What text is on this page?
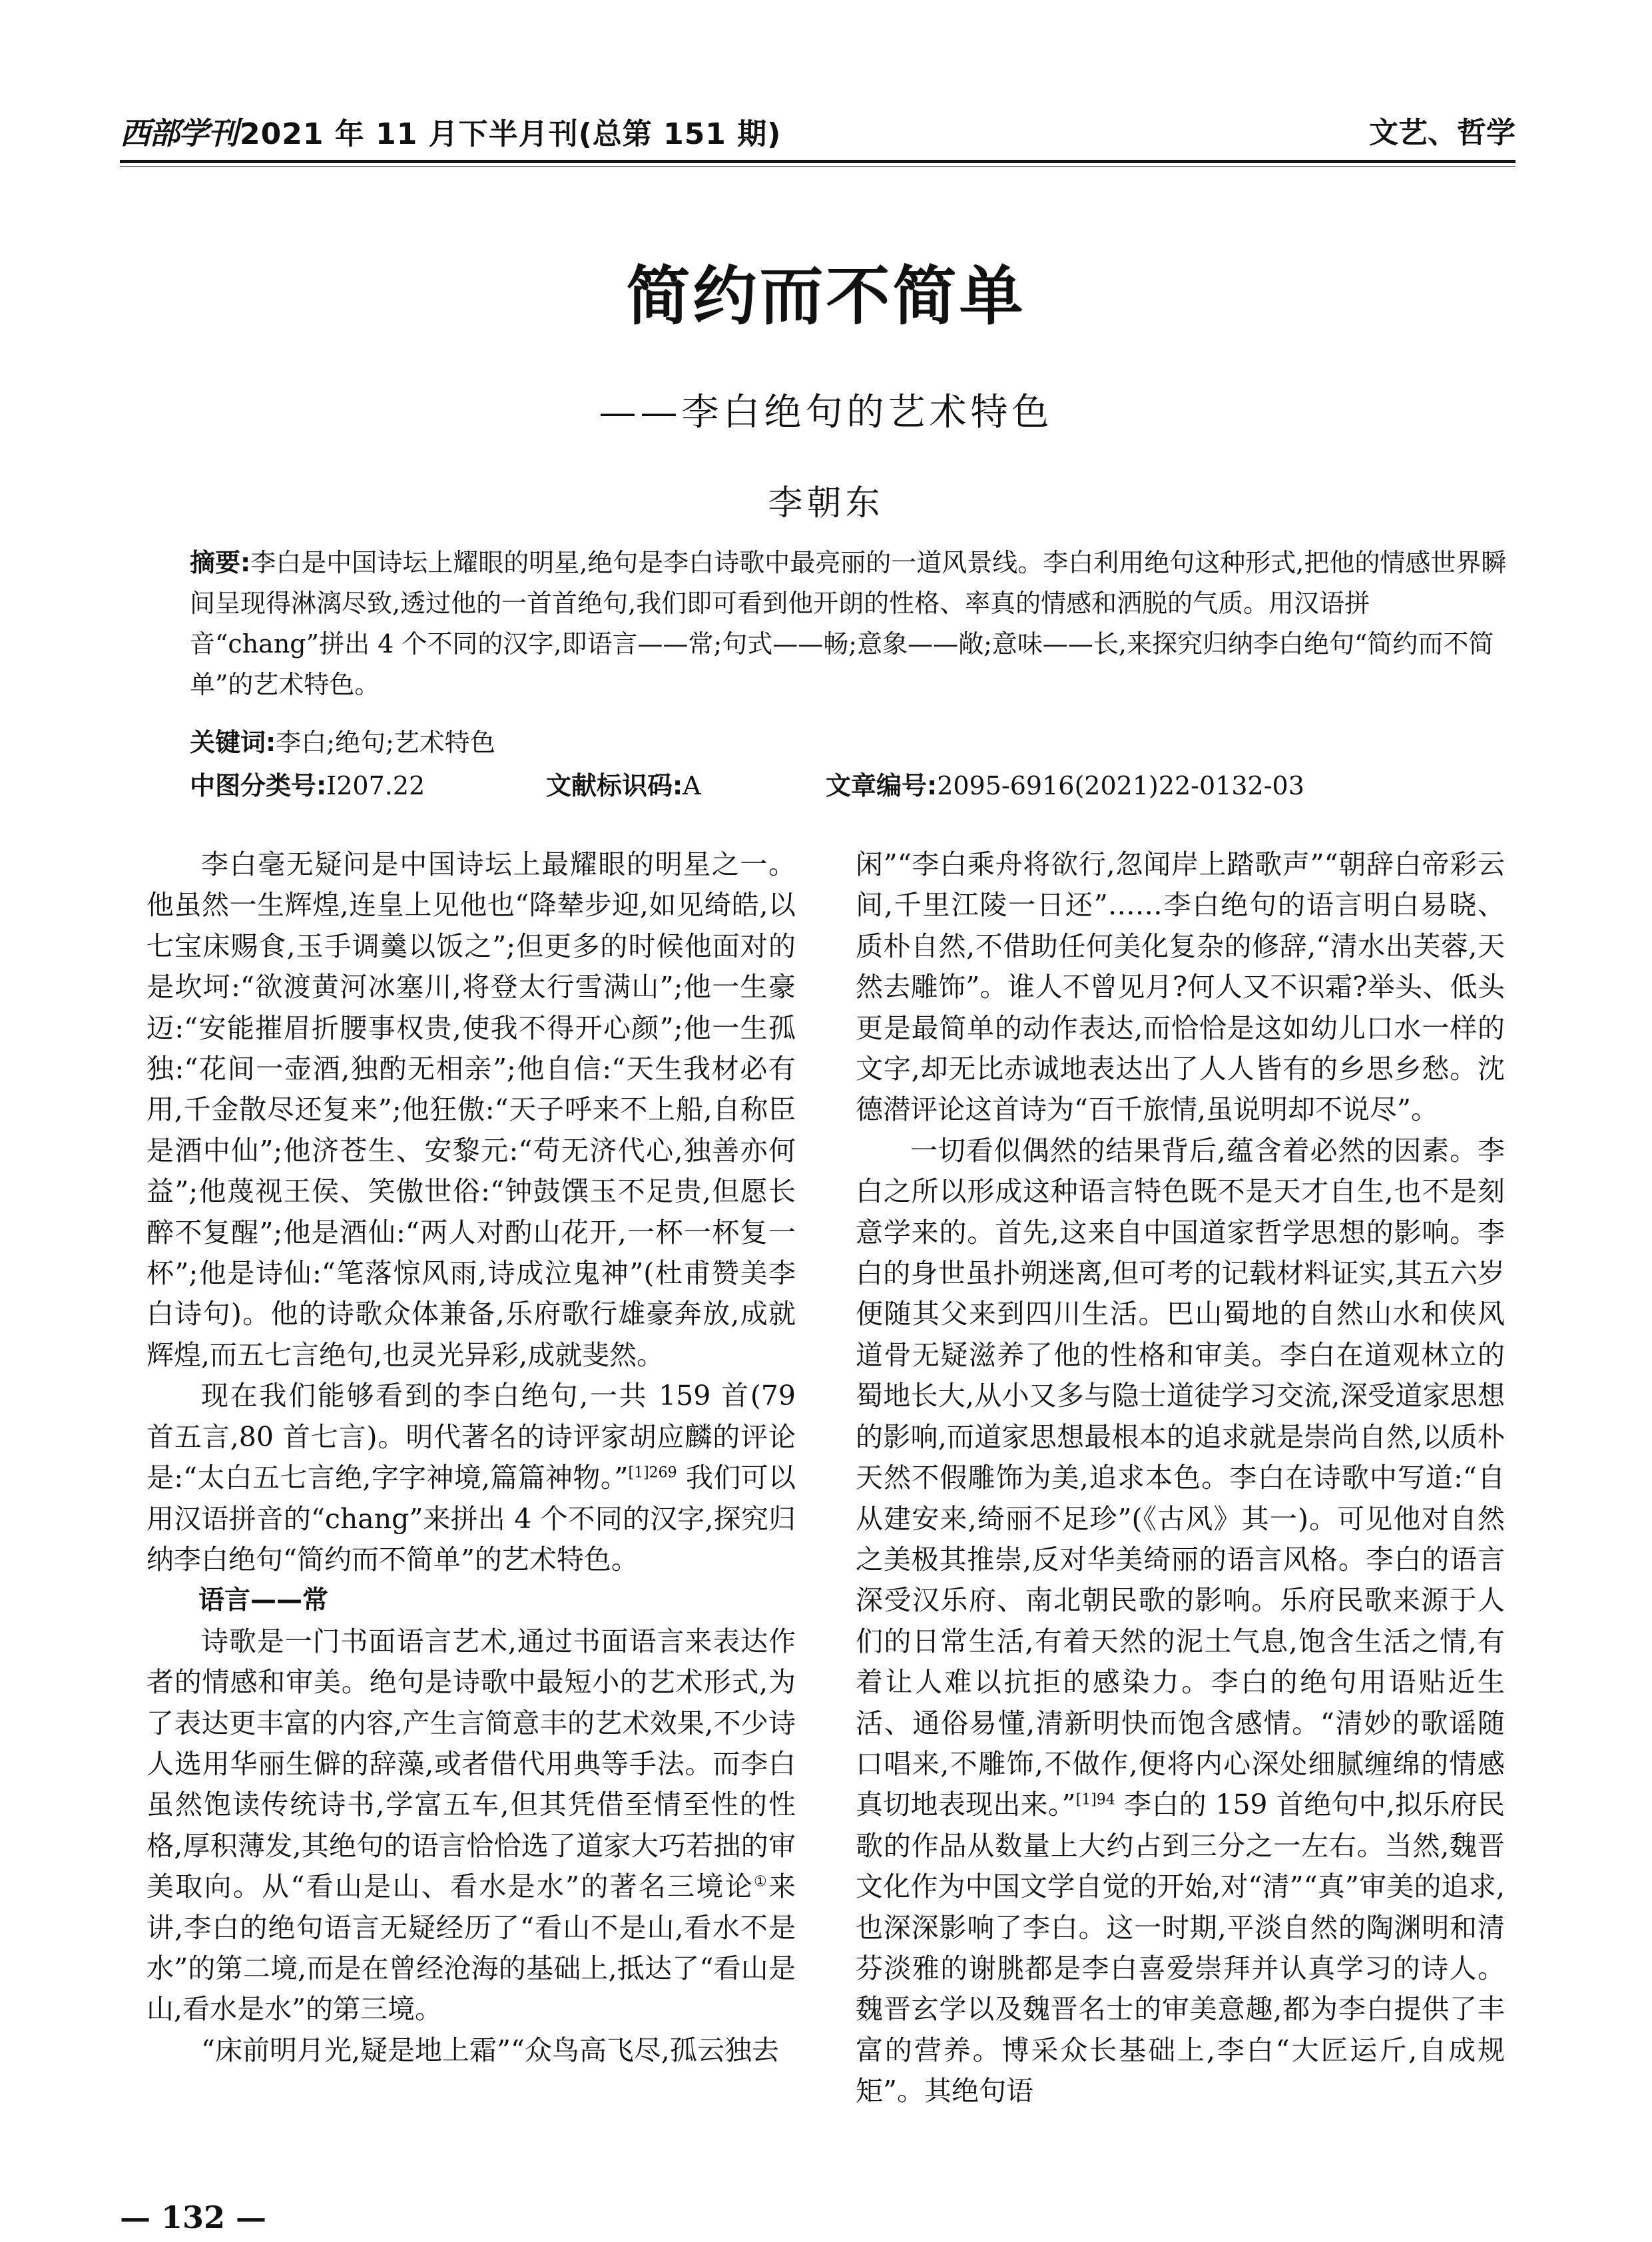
西部学刊2021 年 11 月下半月刊(总第 151 期)	文艺、哲学
简约而不简单
——李白绝句的艺术特色
李朝东
摘要:李白是中国诗坛上耀眼的明星,绝句是李白诗歌中最亮丽的一道风景线。李白利用绝句这种形式,把他的情感世界瞬间呈现得淋漓尽致,透过他的一首首绝句,我们即可看到他开朗的性格、率真的情感和洒脱的气质。用汉语拼音“chang”拼出 4 个不同的汉字,即语言——常;句式——畅;意象——敞;意味——长,来探究归纳李白绝句“简约而不简单”的艺术特色。
关键词:李白;绝句;艺术特色
中图分类号:I207.22	文献标识码:A	文章编号:2095-6916(2021)22-0132-03

李白毫无疑问是中国诗坛上最耀眼的明星之一。他虽然一生辉煌,连皇上见他也“降辇步迎,如见绮皓,以七宝床赐食,玉手调羹以饭之”;但更多的时候他面对的是坎坷:“欲渡黄河冰塞川,将登太行雪满山”;他一生豪迈:“安能摧眉折腰事权贵,使我不得开心颜”;他一生孤独:“花间一壶酒,独酌无相亲”;他自信:“天生我材必有用,千金散尽还复来”;他狂傲:“天子呼来不上船,自称臣是酒中仙”;他济苍生、安黎元:“苟无济代心,独善亦何益”;他蔑视王侯、笑傲世俗:“钟鼓馔玉不足贵,但愿长醉不复醒”;他是酒仙:“两人对酌山花开,一杯一杯复一杯”;他是诗仙:“笔落惊风雨,诗成泣鬼神”(杜甫赞美李白诗句)。他的诗歌众体兼备,乐府歌行雄豪奔放,成就辉煌,而五七言绝句,也灵光异彩,成就斐然。

现在我们能够看到的李白绝句,一共 159 首(79 首五言,80 首七言)。明代著名的诗评家胡应麟的评论是:“太白五七言绝,字字神境,篇篇神物。”$^{[1]269}$ 我们可以用汉语拼音的“chang”来拼出 4 个不同的汉字,探究归纳李白绝句“简约而不简单”的艺术特色。

语言——常

诗歌是一门书面语言艺术,通过书面语言来表达作者的情感和审美。绝句是诗歌中最短小的艺术形式,为了表达更丰富的内容,产生言简意丰的艺术效果,不少诗人选用华丽生僻的辞藻,或者借代用典等手法。而李白虽然饱读传统诗书,学富五车,但其凭借至情至性的性格,厚积薄发,其绝句的语言恰恰选了道家大巧若拙的审美取向。从“看山是山、看水是水”的著名三境论①来讲,李白的绝句语言无疑经历了“看山不是山,看水不是水”的第二境,而是在曾经沧海的基础上,抵达了“看山是山,看水是水”的第三境。

“床前明月光,疑是地上霜”“众鸟高飞尽,孤云独去

闲”“李白乘舟将欲行,忽闻岸上踏歌声”“朝辞白帝彩云间,千里江陵一日还”……李白绝句的语言明白易晓、质朴自然,不借助任何美化复杂的修辞,“清水出芙蓉,天然去雕饰”。谁人不曾见月?何人又不识霜?举头、低头更是最简单的动作表达,而恰恰是这如幼儿口水一样的文字,却无比赤诚地表达出了人人皆有的乡思乡愁。沈德潜评论这首诗为“百千旅情,虽说明却不说尽”。

一切看似偶然的结果背后,蕴含着必然的因素。李白之所以形成这种语言特色既不是天才自生,也不是刻意学来的。首先,这来自中国道家哲学思想的影响。李白的身世虽扑朔迷离,但可考的记载材料证实,其五六岁便随其父来到四川生活。巴山蜀地的自然山水和侠风道骨无疑滋养了他的性格和审美。李白在道观林立的蜀地长大,从小又多与隐士道徒学习交流,深受道家思想的影响,而道家思想最根本的追求就是崇尚自然,以质朴天然不假雕饰为美,追求本色。李白在诗歌中写道:“自从建安来,绮丽不足珍”(《古风》其一)。可见他对自然之美极其推崇,反对华美绮丽的语言风格。李白的语言深受汉乐府、南北朝民歌的影响。乐府民歌来源于人们的日常生活,有着天然的泥土气息,饱含生活之情,有着让人难以抗拒的感染力。李白的绝句用语贴近生活、通俗易懂,清新明快而饱含感情。“清妙的歌谣随口唱来,不雕饰,不做作,便将内心深处细腻缠绵的情感真切地表现出来。”$^{[1]94}$ 李白的 159 首绝句中,拟乐府民歌的作品从数量上大约占到三分之一左右。当然,魏晋文化作为中国文学自觉的开始,对“清”“真”审美的追求,也深深影响了李白。这一时期,平淡自然的陶渊明和清芬淡雅的谢朓都是李白喜爱崇拜并认真学习的诗人。魏晋玄学以及魏晋名士的审美意趣,都为李白提供了丰富的营养。博采众长基础上,李白“大匠运斤,自成规矩”。其绝句语

— 132 —
